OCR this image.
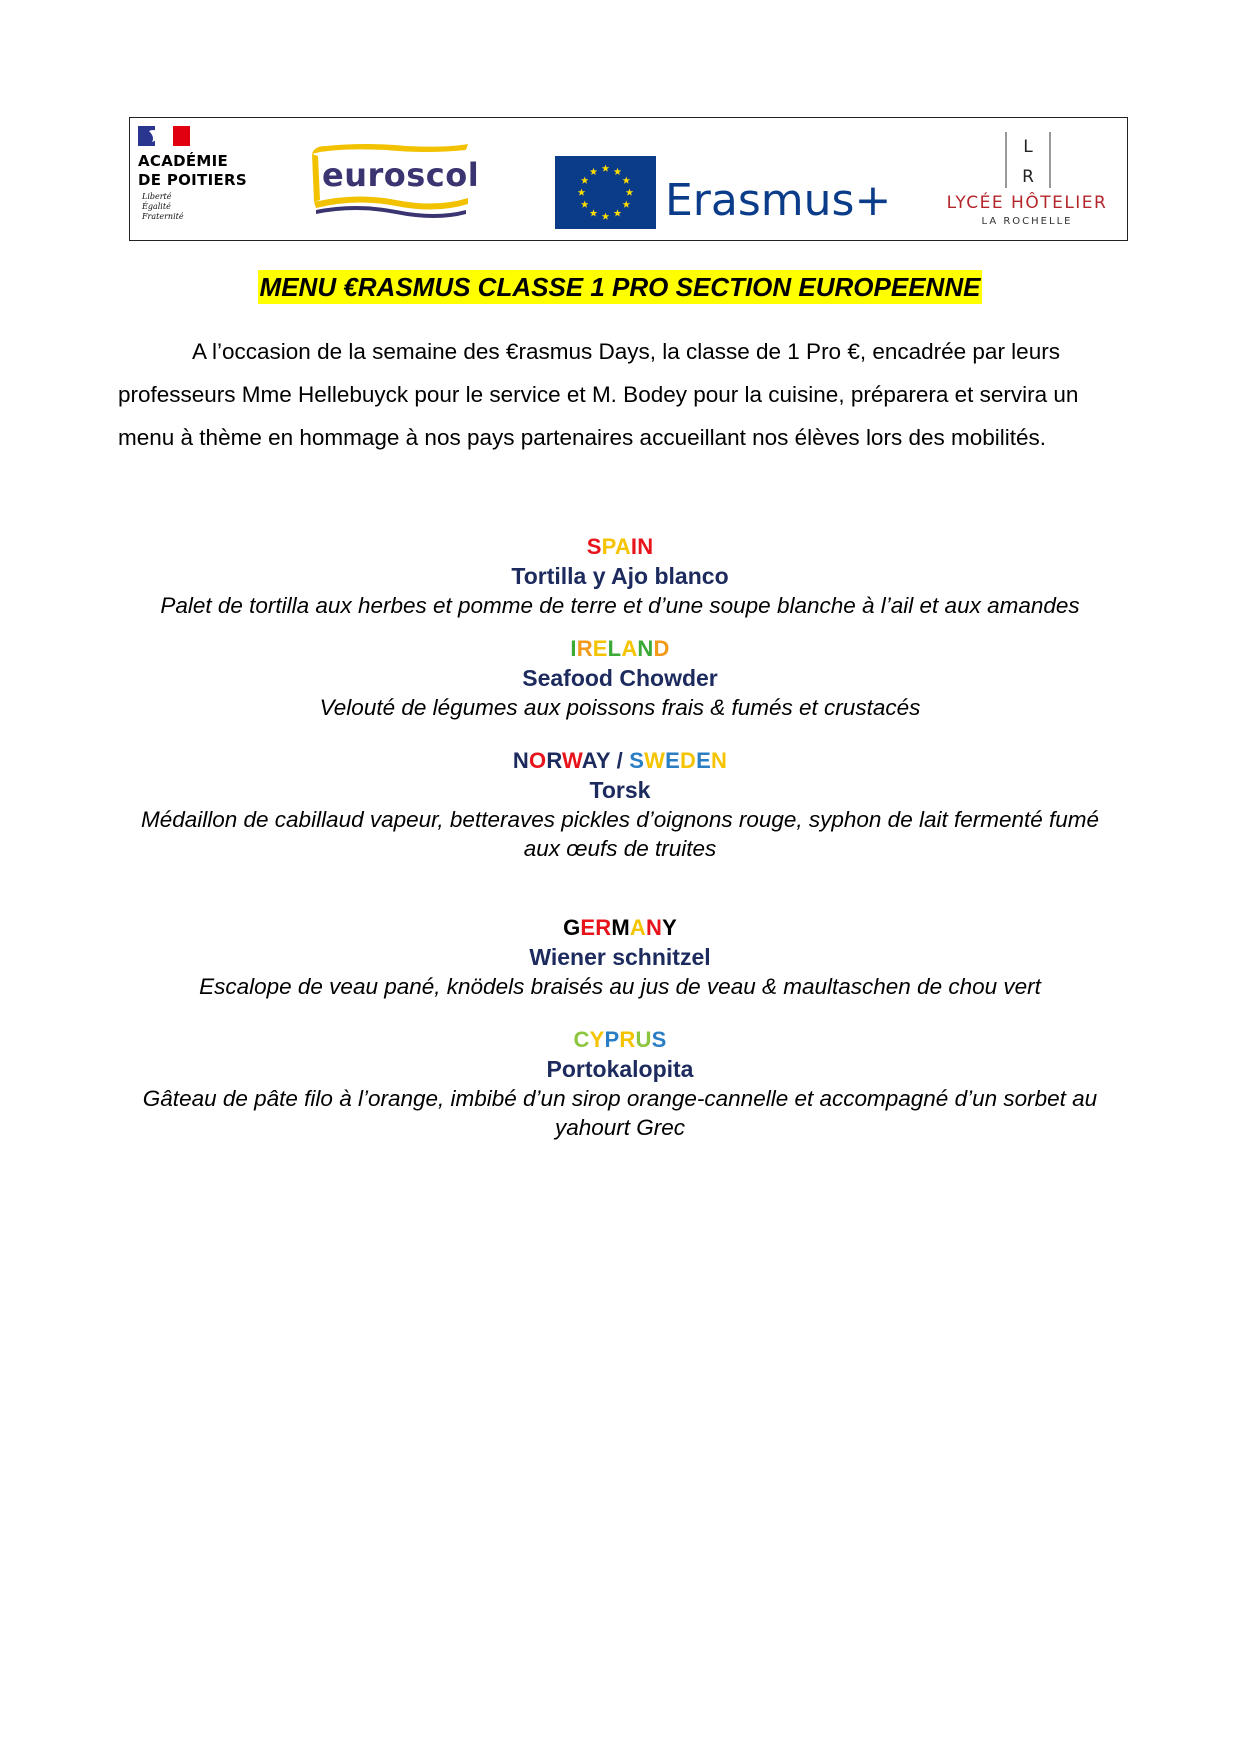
ACADÉMIE
DE POITIERS
Liberté
Égalité
Fraternité
euroscol	Erasmus+
L
R
LYCÉE HÔTELIER
LA ROCHELLE
MENU €RASMUS CLASSE 1 PRO SECTION EUROPEENNE

A l’occasion de la semaine des €rasmus Days, la classe de 1 Pro €, encadrée par leurs professeurs Mme Hellebuyck pour le service et M. Bodey pour la cuisine, préparera et servira un menu à thème en hommage à nos pays partenaires accueillant nos élèves lors des mobilités.

SPAIN
Tortilla y Ajo blanco
Palet de tortilla aux herbes et pomme de terre et d’une soupe blanche à l’ail et aux amandes
IRELAND
Seafood Chowder
Velouté de légumes aux poissons frais & fumés et crustacés
NORWAY / SWEDEN
Torsk
Médaillon de cabillaud vapeur, betteraves pickles d’oignons rouge, syphon de lait fermenté fumé aux œufs de truites
GERMANY
Wiener schnitzel
Escalope de veau pané, knödels braisés au jus de veau & maultaschen de chou vert
CYPRUS
Portokalopita
Gâteau de pâte filo à l’orange, imbibé d’un sirop orange-cannelle et accompagné d’un sorbet au yahourt Grec
